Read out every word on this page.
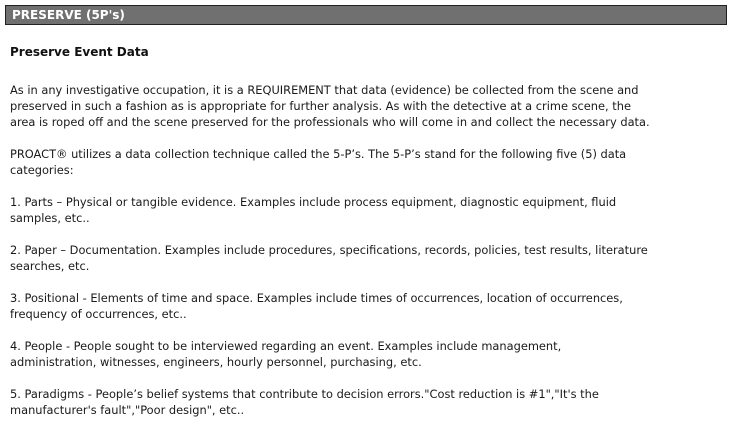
PRESERVE (5P's)
Preserve Event Data

As in any investigative occupation, it is a REQUIREMENT that data (evidence) be collected from the scene and preserved in such a fashion as is appropriate for further analysis. As with the detective at a crime scene, the area is roped off and the scene preserved for the professionals who will come in and collect the necessary data.

PROACT® utilizes a data collection technique called the 5-P’s. The 5-P’s stand for the following five (5) data categories:

1. Parts – Physical or tangible evidence. Examples include process equipment, diagnostic equipment, fluid samples, etc..

2. Paper – Documentation. Examples include procedures, specifications, records, policies, test results, literature searches, etc.

3. Positional - Elements of time and space. Examples include times of occurrences, location of occurrences, frequency of occurrences, etc..

4. People - People sought to be interviewed regarding an event. Examples include management, administration, witnesses, engineers, hourly personnel, purchasing, etc.

5. Paradigms - People’s belief systems that contribute to decision errors."Cost reduction is #1","It's the manufacturer's fault","Poor design", etc..
